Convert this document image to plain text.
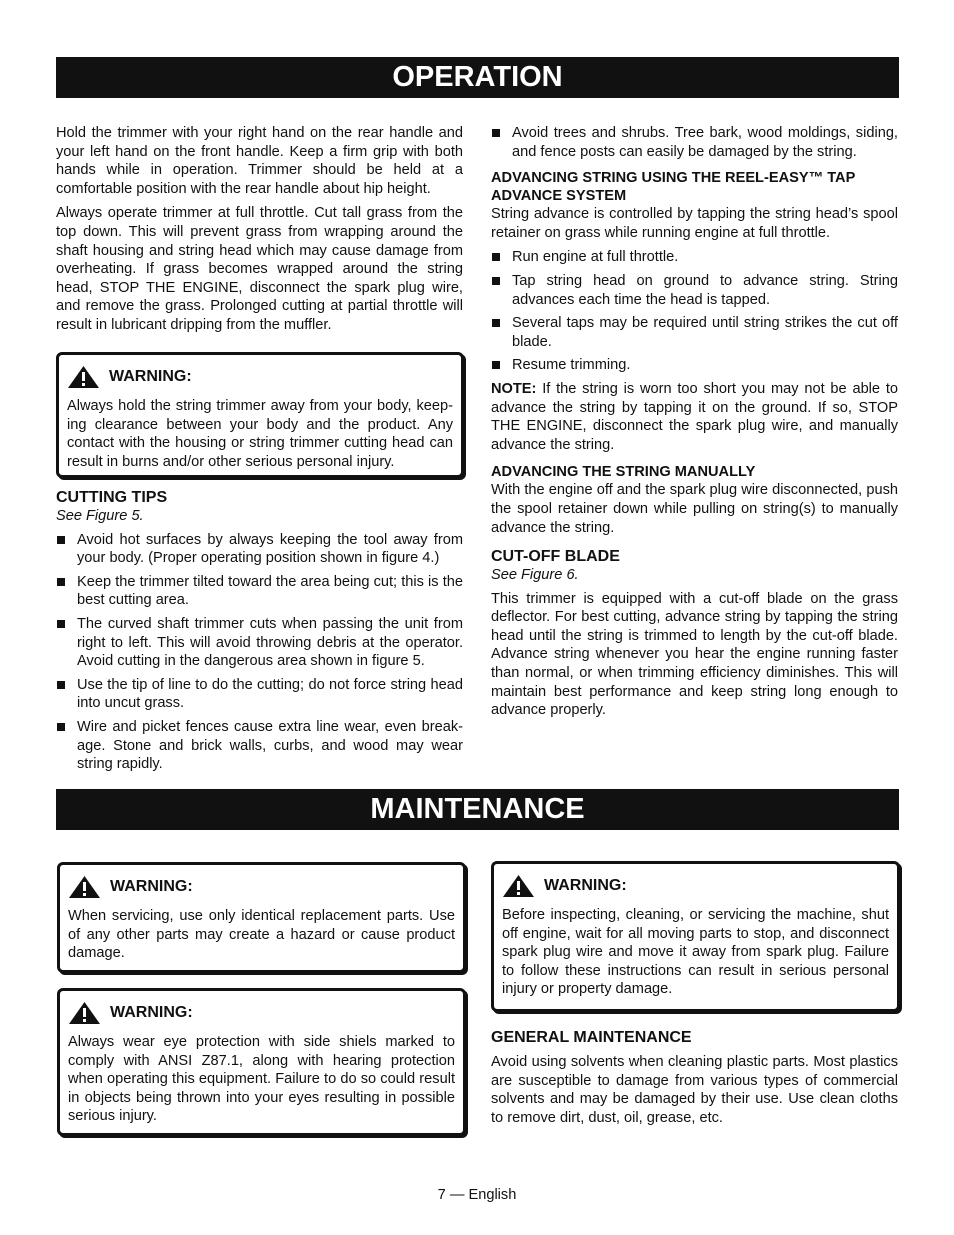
OPERATION

Hold the trimmer with your right hand on the rear handle and your left hand on the front handle. Keep a firm grip with both hands while in operation. Trimmer should be held at a comfortable position with the rear handle about hip height.

Always operate trimmer at full throttle. Cut tall grass from the top down. This will prevent grass from wrapping around the shaft housing and string head which may cause damage from overheating. If grass becomes wrapped around the string head, STOP THE ENGINE, disconnect the spark plug wire, and remove the grass. Prolonged cutting at partial throttle will result in lubricant dripping from the muffler.

WARNING:
Always hold the string trimmer away from your body, keep-ing clearance between your body and the product. Any contact with the housing or string trimmer cutting head can result in burns and/or other serious personal injury.
CUTTING TIPS

See Figure 5.

Avoid hot surfaces by always keeping the tool away from your body. (Proper operating position shown in figure 4.)
Keep the trimmer tilted toward the area being cut; this is the best cutting area.
The curved shaft trimmer cuts when passing the unit from right to left. This will avoid throwing debris at the operator. Avoid cutting in the dangerous area shown in figure 5.
Use the tip of line to do the cutting; do not force string head into uncut grass.
Wire and picket fences cause extra line wear, even break-age. Stone and brick walls, curbs, and wood may wear string rapidly.
Avoid trees and shrubs. Tree bark, wood moldings, siding, and fence posts can easily be damaged by the string.
ADVANCING STRING USING THE REEL-EASY™ TAP ADVANCE SYSTEM

String advance is controlled by tapping the string head’s spool retainer on grass while running engine at full throttle.

Run engine at full throttle.
Tap string head on ground to advance string. String advances each time the head is tapped.
Several taps may be required until string strikes the cut off blade.
Resume trimming.

NOTE: If the string is worn too short you may not be able to advance the string by tapping it on the ground. If so, STOP THE ENGINE, disconnect the spark plug wire, and manually advance the string.

ADVANCING THE STRING MANUALLY

With the engine off and the spark plug wire disconnected, push the spool retainer down while pulling on string(s) to manually advance the string.

CUT-OFF BLADE

See Figure 6.

This trimmer is equipped with a cut-off blade on the grass deflector. For best cutting, advance string by tapping the string head until the string is trimmed to length by the cut-off blade. Advance string whenever you hear the engine running faster than normal, or when trimming efficiency diminishes. This will maintain best performance and keep string long enough to advance properly.

MAINTENANCE
WARNING:
When servicing, use only identical replacement parts. Use of any other parts may create a hazard or cause product damage.
WARNING:
Always wear eye protection with side shiels marked to comply with ANSI Z87.1, along with hearing protection when operating this equipment. Failure to do so could result in objects being thrown into your eyes resulting in possible serious injury.
WARNING:
Before inspecting, cleaning, or servicing the machine, shut off engine, wait for all moving parts to stop, and disconnect spark plug wire and move it away from spark plug. Failure to follow these instructions can result in serious personal injury or property damage.
GENERAL MAINTENANCE

Avoid using solvents when cleaning plastic parts. Most plastics are susceptible to damage from various types of commercial solvents and may be damaged by their use. Use clean cloths to remove dirt, dust, oil, grease, etc.

7 — English
